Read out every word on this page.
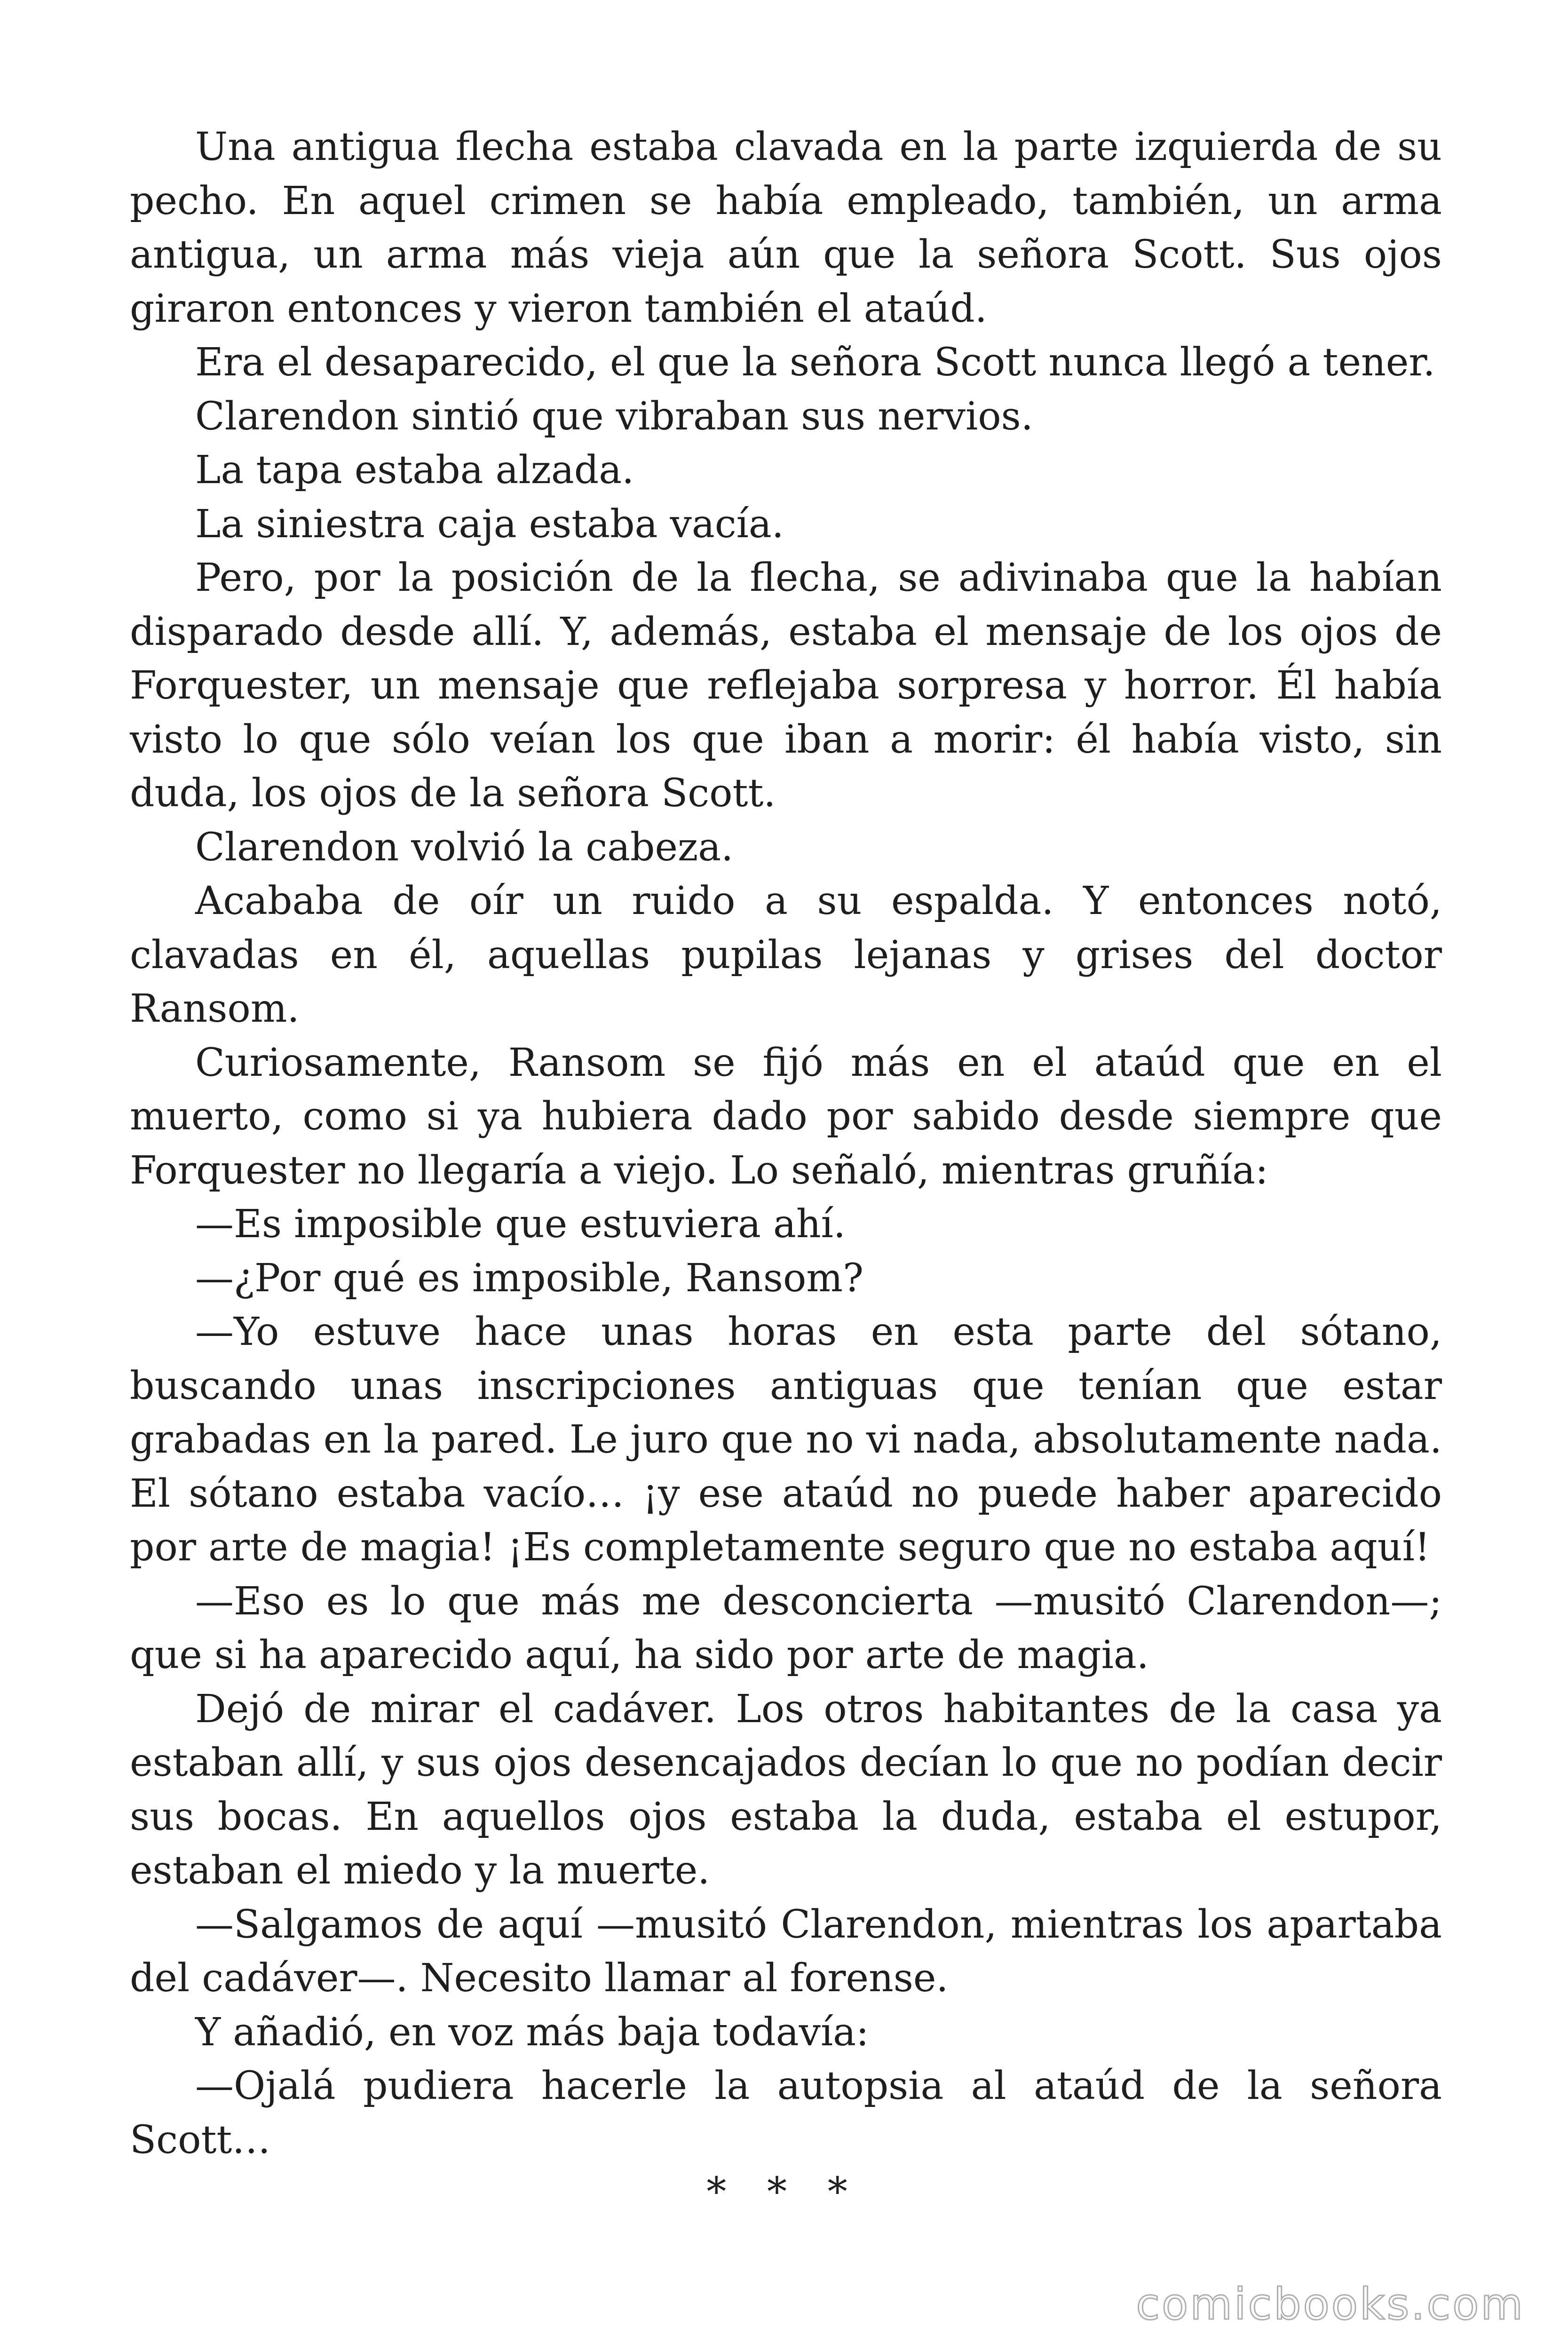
Una antigua flecha estaba clavada en la parte izquierda de su pecho. En aquel crimen se había empleado, también, un arma antigua, un arma más vieja aún que la señora Scott. Sus ojos giraron entonces y vieron también el ataúd.

Era el desaparecido, el que la señora Scott nunca llegó a tener.

Clarendon sintió que vibraban sus nervios.

La tapa estaba alzada.

La siniestra caja estaba vacía.

Pero, por la posición de la flecha, se adivinaba que la habían disparado desde allí. Y, además, estaba el mensaje de los ojos de Forquester, un mensaje que reflejaba sorpresa y horror. Él había visto lo que sólo veían los que iban a morir: él había visto, sin duda, los ojos de la señora Scott.

Clarendon volvió la cabeza.

Acababa de oír un ruido a su espalda. Y entonces notó, clavadas en él, aquellas pupilas lejanas y grises del doctor Ransom.

Curiosamente, Ransom se fijó más en el ataúd que en el muerto, como si ya hubiera dado por sabido desde siempre que Forquester no llegaría a viejo. Lo señaló, mientras gruñía:

—Es imposible que estuviera ahí.

—¿Por qué es imposible, Ransom?

—Yo estuve hace unas horas en esta parte del sótano, buscando unas inscripciones antiguas que tenían que estar grabadas en la pared. Le juro que no vi nada, absolutamente nada. El sótano estaba vacío… ¡y ese ataúd no puede haber aparecido por arte de magia! ¡Es completamente seguro que no estaba aquí!

—Eso es lo que más me desconcierta —musitó Clarendon—; que si ha aparecido aquí, ha sido por arte de magia.

Dejó de mirar el cadáver. Los otros habitantes de la casa ya estaban allí, y sus ojos desencajados decían lo que no podían decir sus bocas. En aquellos ojos estaba la duda, estaba el estupor, estaban el miedo y la muerte.

—Salgamos de aquí —musitó Clarendon, mientras los apartaba del cadáver—. Necesito llamar al forense.

Y añadió, en voz más baja todavía:

—Ojalá pudiera hacerle la autopsia al ataúd de la señora Scott…

* * *
comicbooks.com
